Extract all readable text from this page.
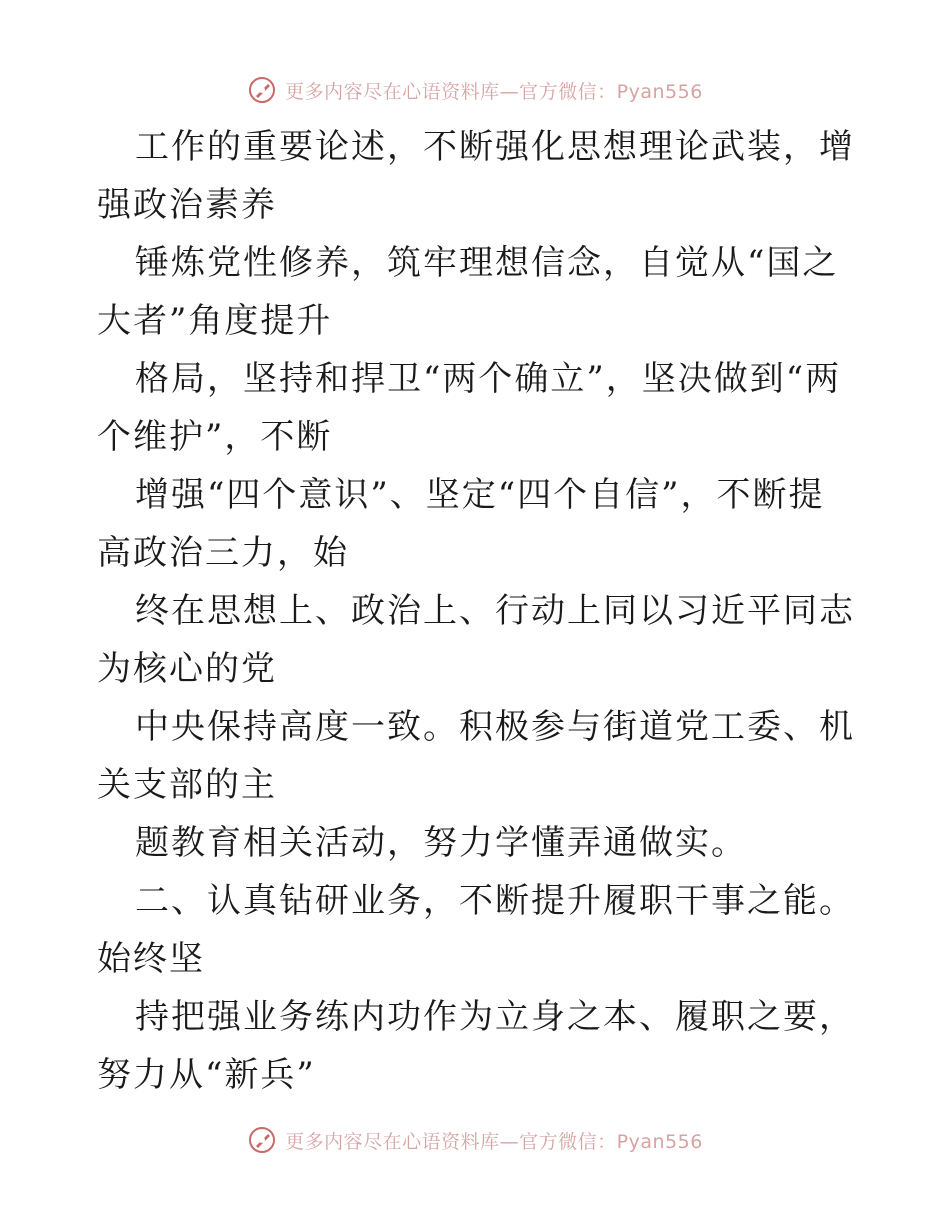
更多内容尽在心语资料库—官方微信：Pyan556

工作的重要论述，不断强化思想理论武装，增强政治素养

锤炼党性修养，筑牢理想信念，自觉从“国之大者”角度提升

格局，坚持和捍卫“两个确立”，坚决做到“两个维护”，不断

增强“四个意识”、坚定“四个自信”，不断提高政治三力，始

终在思想上、政治上、行动上同以习近平同志为核心的党

中央保持高度一致。积极参与街道党工委、机关支部的主

题教育相关活动，努力学懂弄通做实。

二、认真钻研业务，不断提升履职干事之能。始终坚

持把强业务练内功作为立身之本、履职之要，努力从“新兵”

更多内容尽在心语资料库—官方微信：Pyan556
